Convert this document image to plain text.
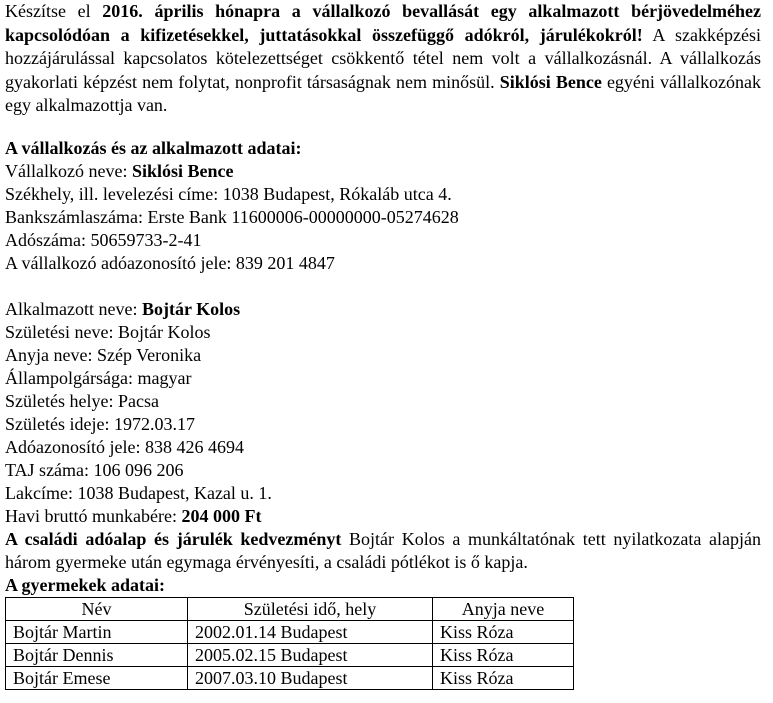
Készítse el 2016. április hónapra a vállalkozó bevallását egy alkalmazott bérjövedelméhez kapcsolódóan a kifizetésekkel, juttatásokkal összefüggő adókról, járulékokról! A szakképzési hozzájárulással kapcsolatos kötelezettséget csökkentő tétel nem volt a vállalkozásnál. A vállalkozás gyakorlati képzést nem folytat, nonprofit társaságnak nem minősül. Siklósi Bence egyéni vállalkozónak egy alkalmazottja van.
A vállalkozás és az alkalmazott adatai:
Vállalkozó neve: Siklósi Bence
Székhely, ill. levelezési címe: 1038 Budapest, Rókaláb utca 4.
Bankszámlaszáma: Erste Bank 11600006-00000000-05274628
Adószáma: 50659733-2-41
A vállalkozó adóazonosító jele: 839 201 4847
Alkalmazott neve: Bojtár Kolos
Születési neve: Bojtár Kolos
Anyja neve: Szép Veronika
Állampolgársága: magyar
Születés helye: Pacsa
Születés ideje: 1972.03.17
Adóazonosító jele: 838 426 4694
TAJ száma: 106 096 206
Lakcíme: 1038 Budapest, Kazal u. 1.
Havi bruttó munkabére: 204 000 Ft
A családi adóalap és járulék kedvezményt Bojtár Kolos a munkáltatónak tett nyilatkozata alapján három gyermeke után egymaga érvényesíti, a családi pótlékot is ő kapja.
A gyermekek adatai:
Név	Születési idő, hely	Anyja neve
Bojtár Martin	2002.01.14 Budapest	Kiss Róza
Bojtár Dennis	2005.02.15 Budapest	Kiss Róza
Bojtár Emese	2007.03.10 Budapest	Kiss Róza
